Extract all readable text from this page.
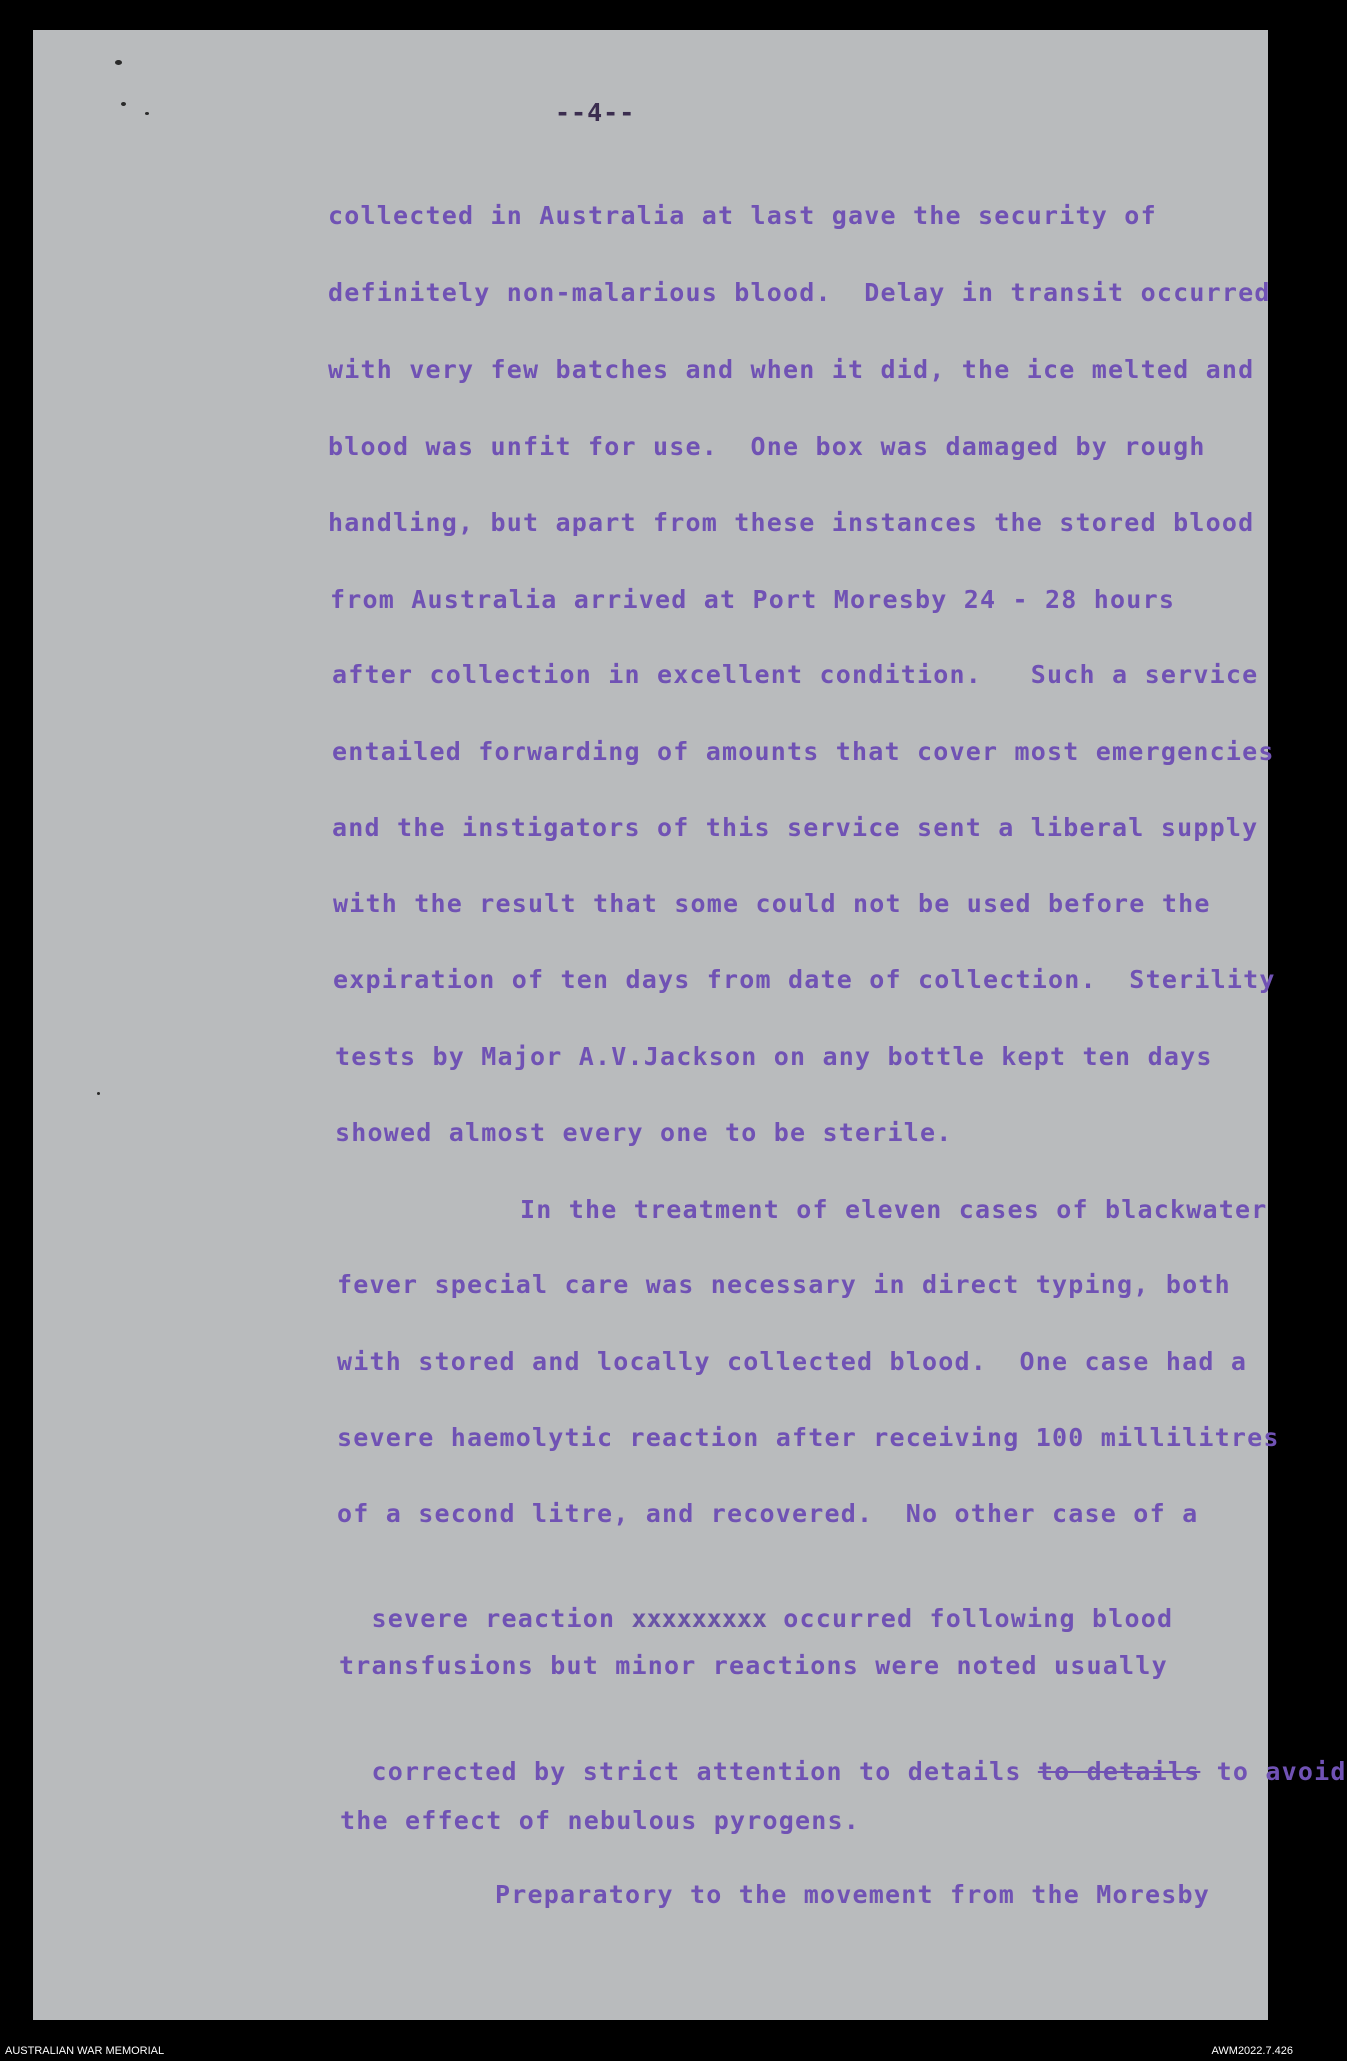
--4--
collected in Australia at last gave the security of
definitely non-malarious blood.  Delay in transit occurred
with very few batches and when it did, the ice melted and
blood was unfit for use.  One box was damaged by rough
handling, but apart from these instances the stored blood
from Australia arrived at Port Moresby 24 - 28 hours
after collection in excellent condition.   Such a service
entailed forwarding of amounts that cover most emergencies
and the instigators of this service sent a liberal supply
with the result that some could not be used before the
expiration of ten days from date of collection.  Sterility
tests by Major A.V.Jackson on any bottle kept ten days
showed almost every one to be sterile.
In the treatment of eleven cases of blackwater
fever special care was necessary in direct typing, both
with stored and locally collected blood.  One case had a
severe haemolytic reaction after receiving 100 millilitres
of a second litre, and recovered.  No other case of a

severe reaction xxxxxxxxx occurred following blood

transfusions but minor reactions were noted usually

corrected by strict attention to details to details to avoid

the effect of nebulous pyrogens.
Preparatory to the movement from the Moresby
AUSTRALIAN WAR MEMORIAL	AWM2022.7.426
